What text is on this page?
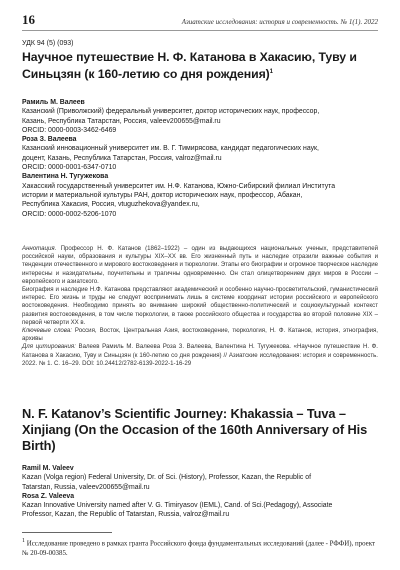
16	Азиатские исследования: история и современность. № 1(1). 2022
УДК 94 (5) (093)
Научное путешествие Н. Ф. Катанова в Хакасию, Туву и Синьцзян (к 160-летию со дня рождения)$^1$
Рамиль М. Валеев
Казанский (Приволжский) федеральный университет, доктор исторических наук, профессор,
Казань, Республика Татарстан, Россия, valeev200655@mail.ru
ORCID: 0000-0003-3462-6469
Роза З. Валеева
Казанский инновационный университет им. В. Г. Тимирясова, кандидат педагогических наук,
доцент, Казань, Республика Татарстан, Россия, valroz@mail.ru
ORCID: 0000-0001-6347-0710
Валентина Н. Тугужекова
Хакасский государственный университет им. Н.Ф. Катанова, Южно-Сибирский филиал Института
истории и материальной культуры РАН, доктор исторических наук, профессор, Абакан,
Республика Хакасия, Россия, vtuguzhekova@yandex.ru,
ORCID: 0000-0002-5206-1070

Аннотация. Профессор Н. Ф. Катанов (1862–1922) – один из выдающихся национальных ученых, представителей российской науки, образования и культуры XIX–XX вв. Его жизненный путь и наследие отразили важные события и тенденции отечественного и мирового востоковедения и тюркологии. Этапы его биографии и огромное творческое наследие интересны и назидательны, поучительны и трагичны одновременно. Он стал олицетворением двух миров в России – европейского и азиатского.

Биография и наследие Н.Ф. Катанова представляют академический и особенно научно-просветительский, гуманистический интерес. Его жизнь и труды не следует воспринимать лишь в системе координат истории российского и европейского востоковедения. Необходимо принять во внимание широкий общественно-политический и социокультурный контекст развития востоковедения, в том числе тюркологии, в также российского общества и государства во второй половине XIX – первой четверти XX в.

Ключевые слова: Россия, Восток, Центральная Азия, востоковедение, тюркология, Н. Ф. Катанов, история, этнография, архивы

Для цитирования: Валеев Рамиль М. Валеева Роза З. Валеева, Валентина Н. Тугужекова. «Научное путешествие Н. Ф. Катанова в Хакасию, Туву и Синьцзян (к 160-летию со дня рождения) // Азиатские исследования: история и современность. 2022. № 1. С. 16–29. DOI: 10.24412/2782-6139-2022-1-16-29

N. F. Katanov’s Scientific Journey: Khakassia – Tuva – Xinjiang (On the Occasion of the 160th Anniversary of His Birth)
Ramil M. Valeev
Kazan (Volga region) Federal University, Dr. of Sci. (History), Professor, Kazan, the Republic of
Tatarstan, Russia, valeev200655@mail.ru
Rosa Z. Valeeva
Kazan Innovative University named after V. G. Timiryasov (IEML), Cand. of Sci.(Pedagogy), Associate
Professor, Kazan, the Republic of Tatarstan, Russia, valroz@mail.ru
1 Исследование проведено в рамках гранта Российского фонда фундаментальных исследований (далее - РФФИ), проект № 20-09-00385.
